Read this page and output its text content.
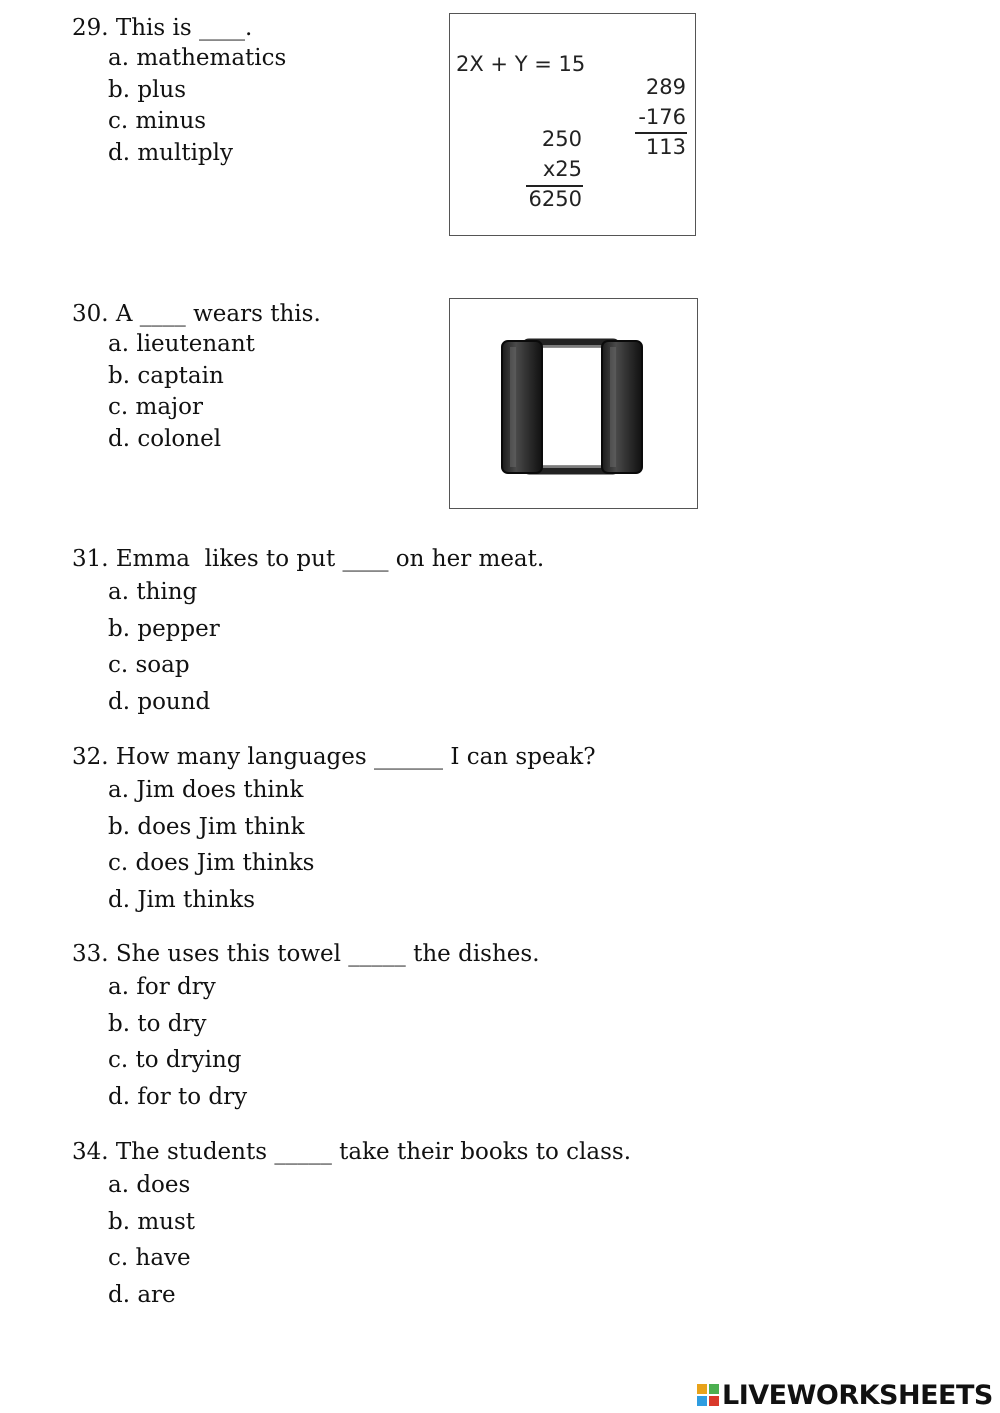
29. This is ____.
a. mathematics
b. plus
c. minus
d. multiply
2X + Y = 15
289
-176
113
250
x25
6250
30. A ____ wears this.
a. lieutenant
b. captain
c. major
d. colonel
31. Emma  likes to put ____ on her meat.
a. thing
b. pepper
c. soap
d. pound
32. How many languages ______ I can speak?
a. Jim does think
b. does Jim think
c. does Jim thinks
d. Jim thinks
33. She uses this towel _____ the dishes.
a. for dry
b. to dry
c. to drying
d. for to dry
34. The students _____ take their books to class.
a. does
b. must
c. have
d. are
LIVEWORKSHEETS
